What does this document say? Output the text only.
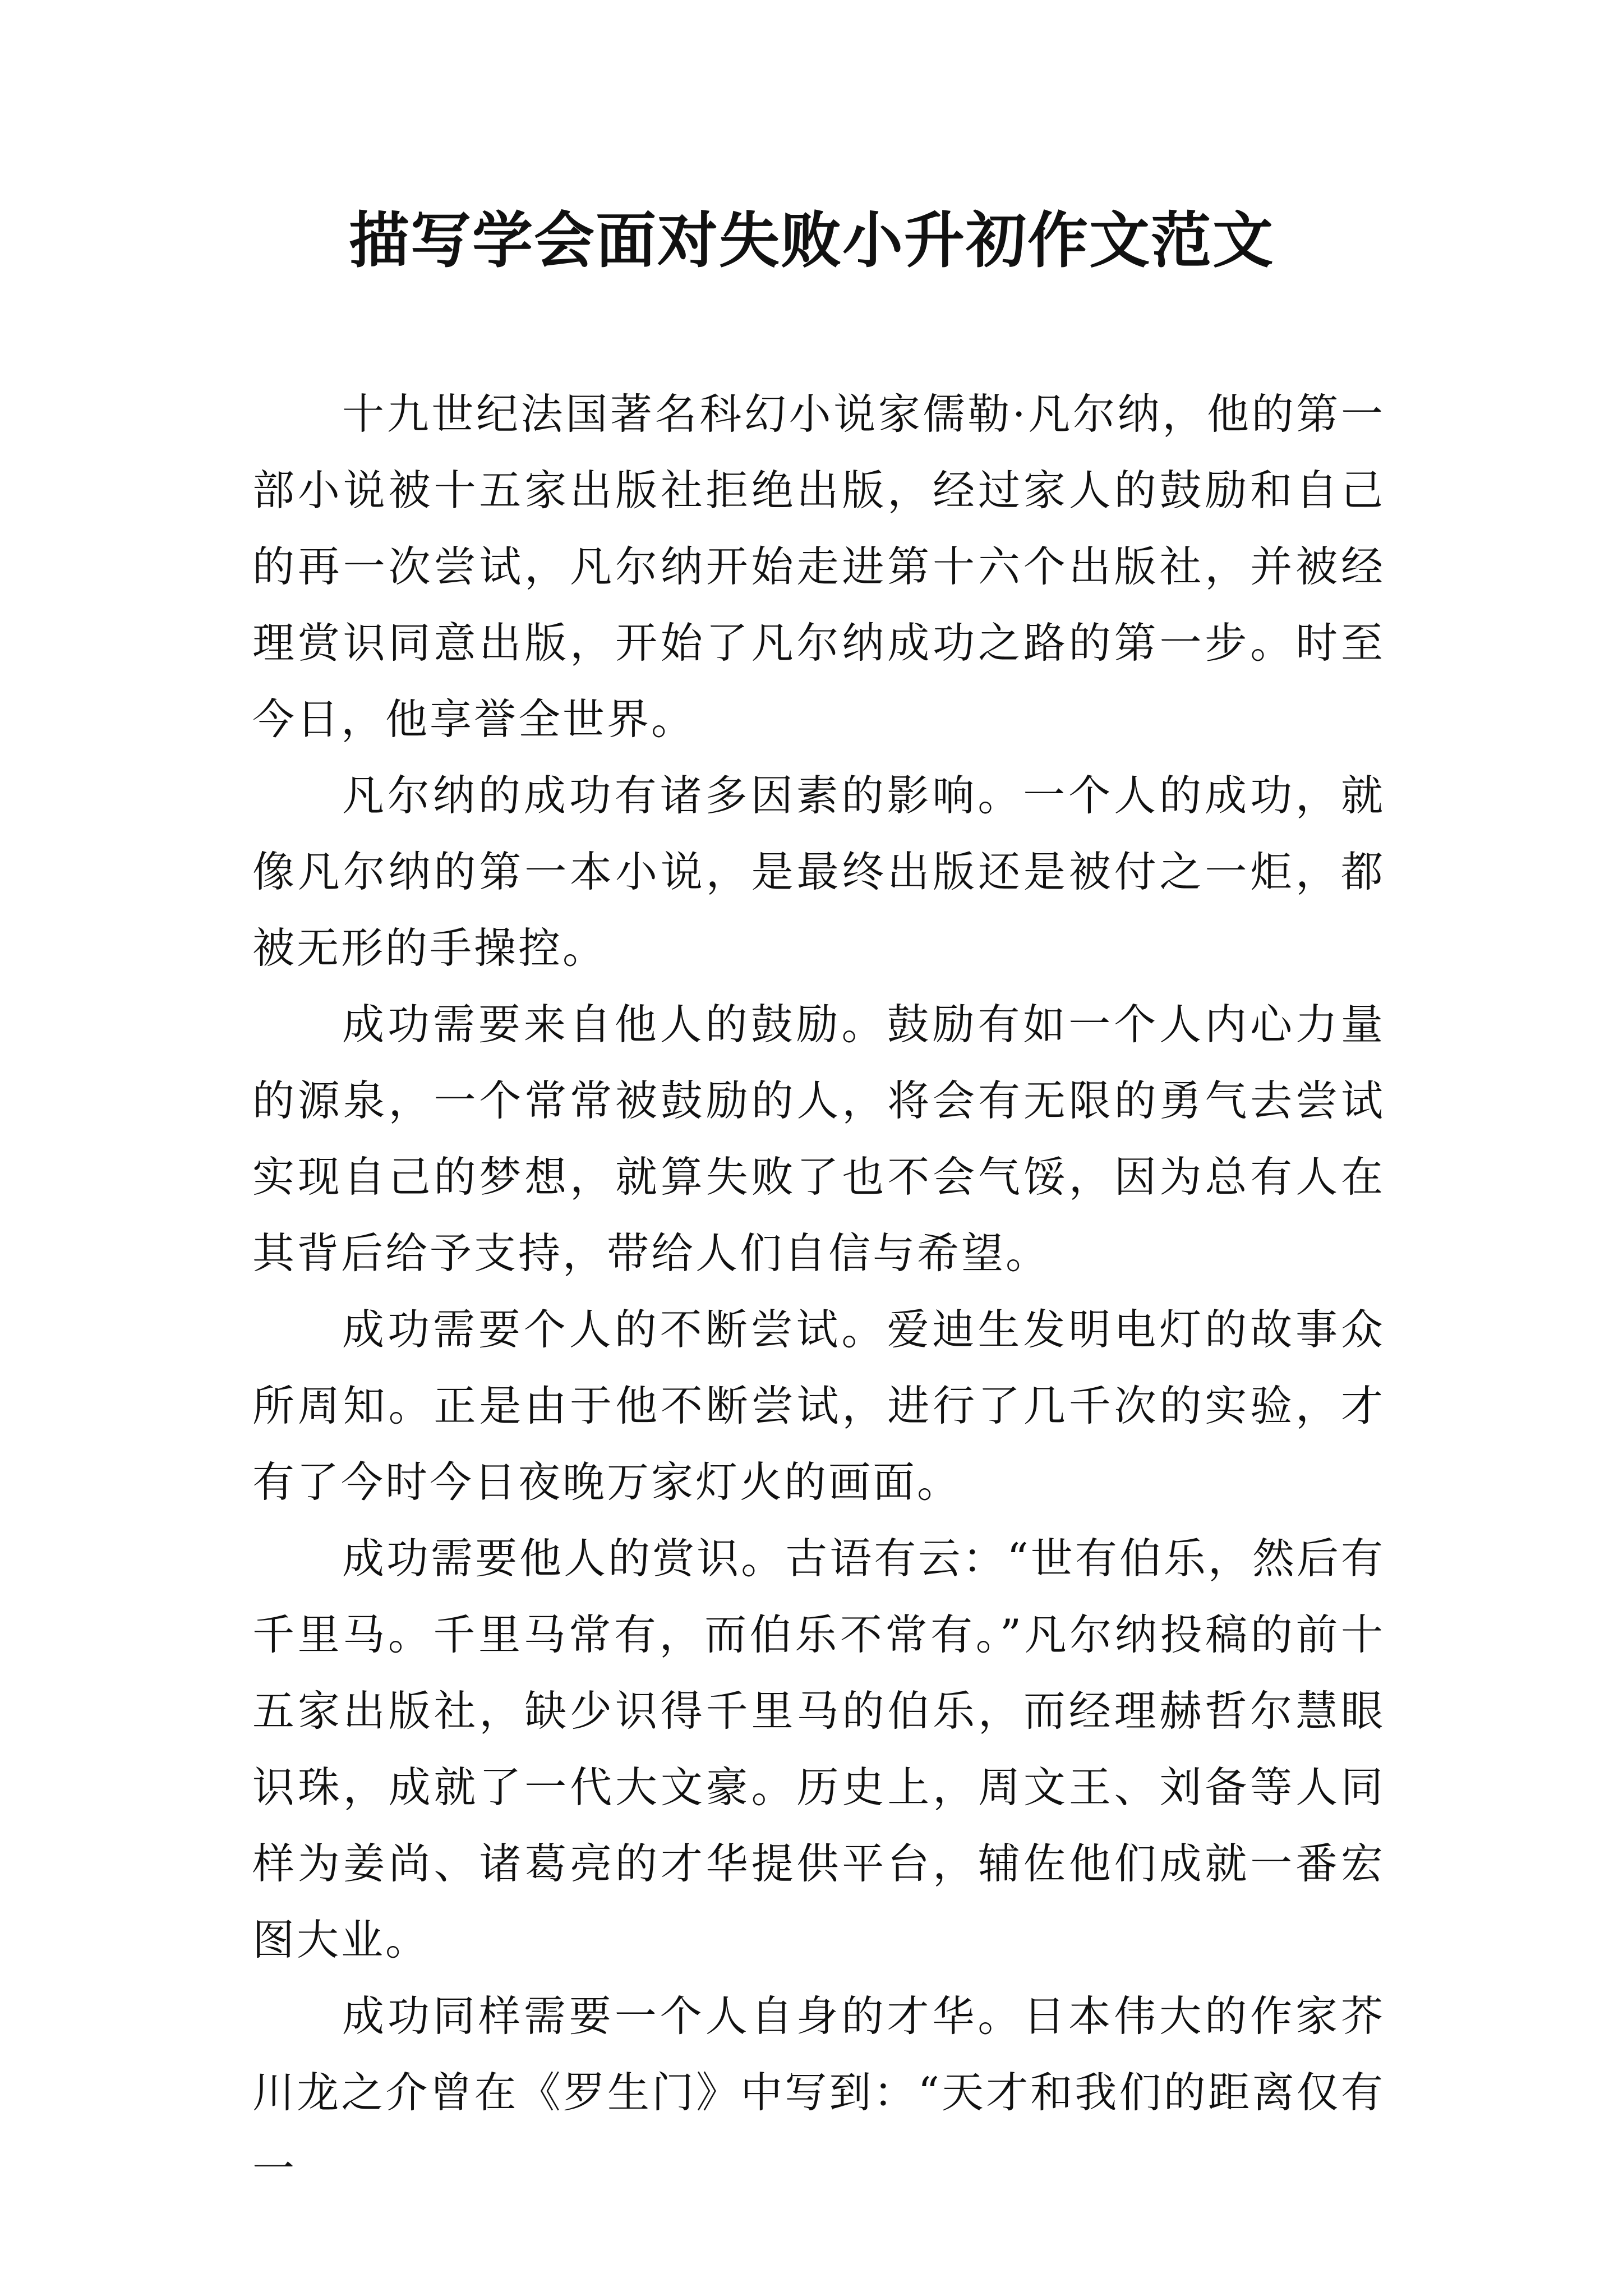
描写学会面对失败小升初作文范文

十九世纪法国著名科幻小说家儒勒·凡尔纳，他的第一部小说被十五家出版社拒绝出版，经过家人的鼓励和自己的再一次尝试，凡尔纳开始走进第十六个出版社，并被经理赏识同意出版，开始了凡尔纳成功之路的第一步。时至今日，他享誉全世界。

凡尔纳的成功有诸多因素的影响。一个人的成功，就像凡尔纳的第一本小说，是最终出版还是被付之一炬，都被无形的手操控。

成功需要来自他人的鼓励。鼓励有如一个人内心力量的源泉，一个常常被鼓励的人，将会有无限的勇气去尝试实现自己的梦想，就算失败了也不会气馁，因为总有人在其背后给予支持，带给人们自信与希望。

成功需要个人的不断尝试。爱迪生发明电灯的故事众所周知。正是由于他不断尝试，进行了几千次的实验，才有了今时今日夜晚万家灯火的画面。

成功需要他人的赏识。古语有云：“世有伯乐，然后有千里马。千里马常有，而伯乐不常有。”凡尔纳投稿的前十五家出版社，缺少识得千里马的伯乐，而经理赫哲尔慧眼识珠，成就了一代大文豪。历史上，周文王、刘备等人同样为姜尚、诸葛亮的才华提供平台，辅佐他们成就一番宏图大业。

成功同样需要一个人自身的才华。日本伟大的作家芥川龙之介曾在《罗生门》中写到：“天才和我们的距离仅有一
